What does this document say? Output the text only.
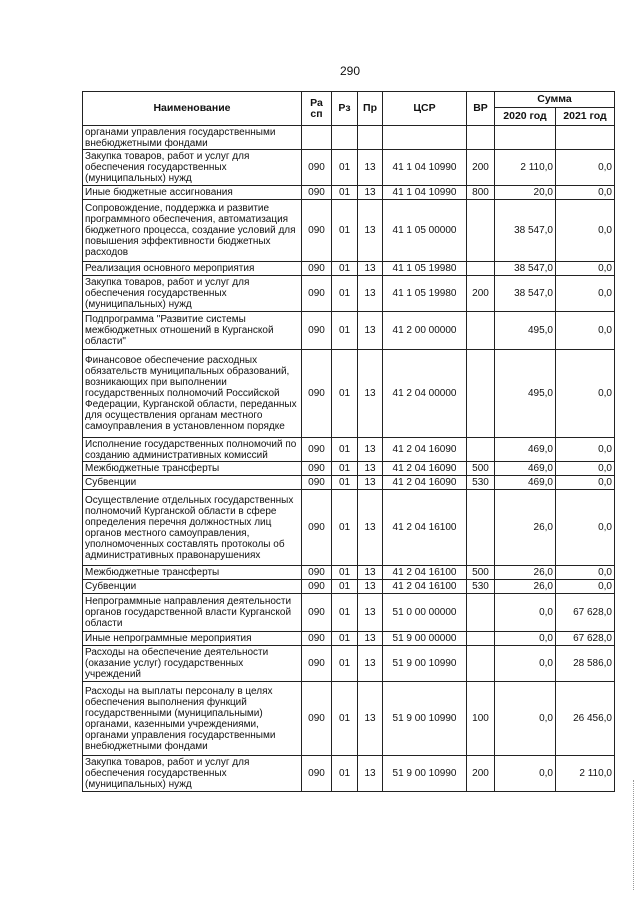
290
Наименование	Ра сп	Рз	Пр	ЦСР	ВР	Сумма	
						2020 год	2021 год
органами управления государственными внебюджетными фондами							
Закупка товаров, работ и услуг для обеспечения государственных (муниципальных) нужд	090	01	13	41 1 04 10990	200	2 110,0	0,0
Иные бюджетные ассигнования	090	01	13	41 1 04 10990	800	20,0	0,0
Сопровождение, поддержка и развитие программного обеспечения, автоматизация бюджетного процесса, создание условий для повышения эффективности бюджетных расходов	090	01	13	41 1 05 00000		38 547,0	0,0
Реализация основного мероприятия	090	01	13	41 1 05 19980		38 547,0	0,0
Закупка товаров, работ и услуг для обеспечения государственных (муниципальных) нужд	090	01	13	41 1 05 19980	200	38 547,0	0,0
Подпрограмма "Развитие системы межбюджетных отношений в Курганской области"	090	01	13	41 2 00 00000		495,0	0,0
Финансовое обеспечение расходных обязательств муниципальных образований, возникающих при выполнении государственных полномочий Российской Федерации, Курганской области, переданных для осуществления органам местного самоуправления в установленном порядке	090	01	13	41 2 04 00000		495,0	0,0
Исполнение государственных полномочий по созданию административных комиссий	090	01	13	41 2 04 16090		469,0	0,0
Межбюджетные трансферты	090	01	13	41 2 04 16090	500	469,0	0,0
Субвенции	090	01	13	41 2 04 16090	530	469,0	0,0
Осуществление отдельных государственных полномочий Курганской области в сфере определения перечня должностных лиц органов местного самоуправления, уполномоченных составлять протоколы об административных правонарушениях	090	01	13	41 2 04 16100		26,0	0,0
Межбюджетные трансферты	090	01	13	41 2 04 16100	500	26,0	0,0
Субвенции	090	01	13	41 2 04 16100	530	26,0	0,0
Непрограммные направления деятельности органов государственной власти Курганской области	090	01	13	51 0 00 00000		0,0	67 628,0
Иные непрограммные мероприятия	090	01	13	51 9 00 00000		0,0	67 628,0
Расходы на обеспечение деятельности (оказание услуг) государственных учреждений	090	01	13	51 9 00 10990		0,0	28 586,0
Расходы на выплаты персоналу в целях обеспечения выполнения функций государственными (муниципальными) органами, казенными учреждениями, органами управления государственными внебюджетными фондами	090	01	13	51 9 00 10990	100	0,0	26 456,0
Закупка товаров, работ и услуг для обеспечения государственных (муниципальных) нужд	090	01	13	51 9 00 10990	200	0,0	2 110,0
